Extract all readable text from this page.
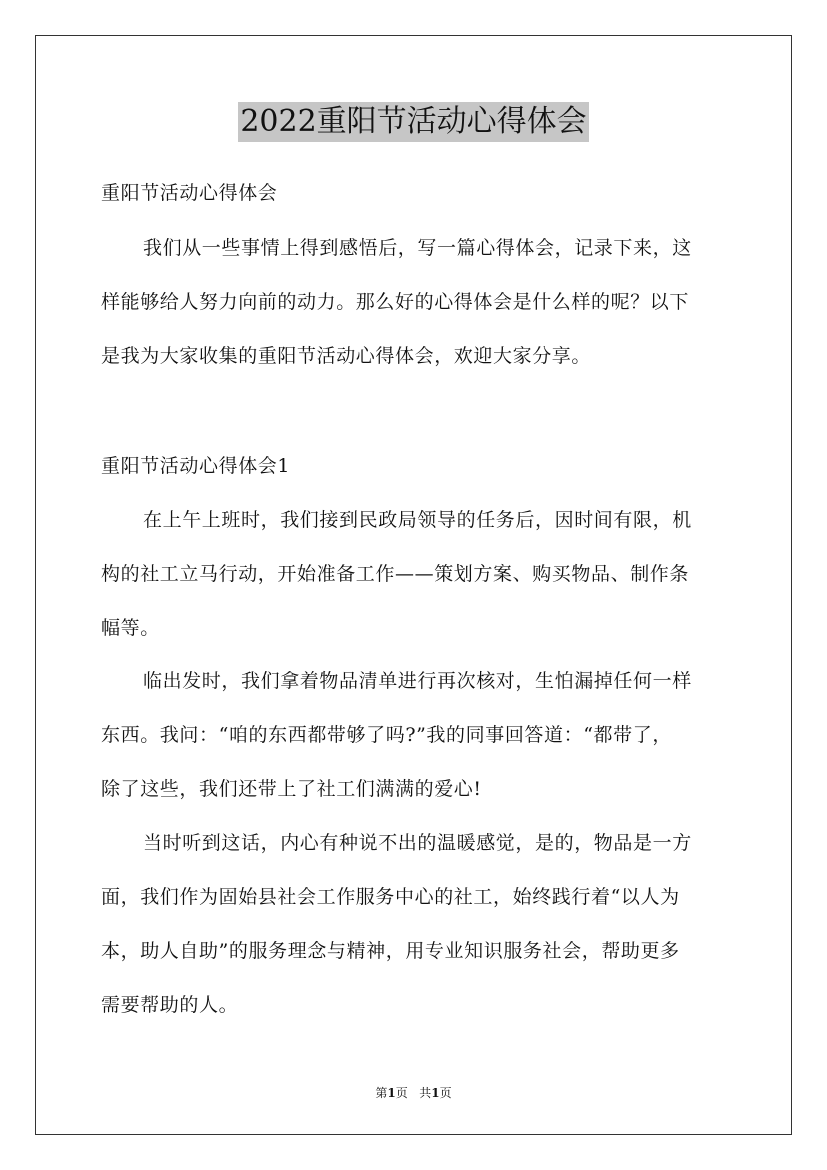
2022重阳节活动心得体会
重阳节活动心得体会
我们从一些事情上得到感悟后，写一篇心得体会，记录下来，这
样能够给人努力向前的动力。那么好的心得体会是什么样的呢？以下
是我为大家收集的重阳节活动心得体会，欢迎大家分享。
重阳节活动心得体会1
在上午上班时，我们接到民政局领导的任务后，因时间有限，机
构的社工立马行动，开始准备工作——策划方案、购买物品、制作条
幅等。
临出发时，我们拿着物品清单进行再次核对，生怕漏掉任何一样
东西。我问：“咱的东西都带够了吗?”我的同事回答道：“都带了，
除了这些，我们还带上了社工们满满的爱心!
当时听到这话，内心有种说不出的温暖感觉，是的，物品是一方
面，我们作为固始县社会工作服务中心的社工，始终践行着“以人为
本，助人自助”的服务理念与精神，用专业知识服务社会，帮助更多
需要帮助的人。
第1页   共1页
